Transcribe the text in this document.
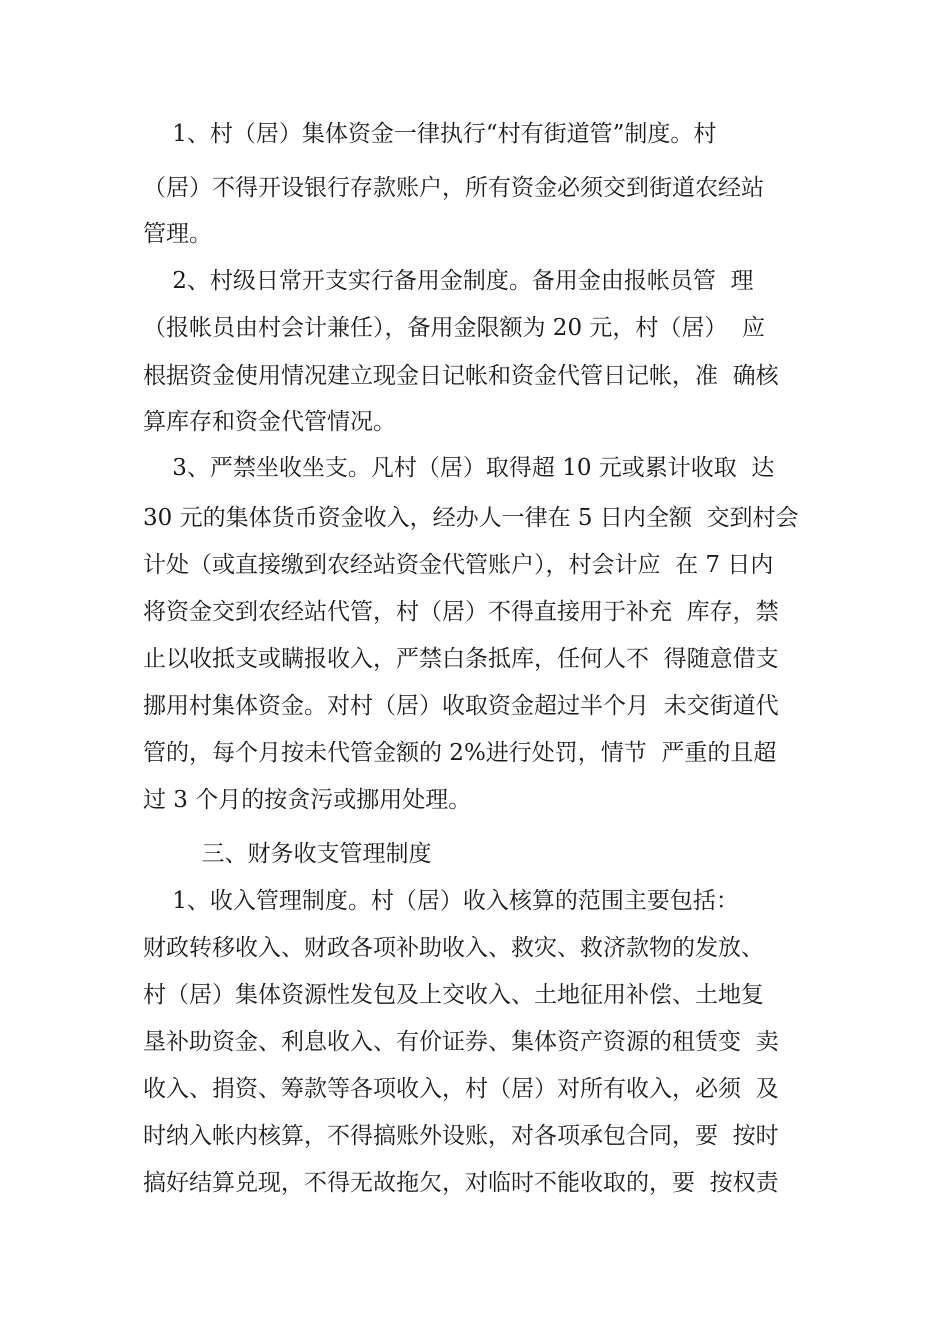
1、村（居）集体资金一律执行“村有街道管”制度。村

（居）不得开设银行存款账户，所有资金必须交到街道农经站

管理。

2、村级日常开支实行备用金制度。备用金由报帐员管  理

（报帐员由村会计兼任），备用金限额为 20 元，村（居）  应

根据资金使用情况建立现金日记帐和资金代管日记帐，准  确核

算库存和资金代管情况。

3、严禁坐收坐支。凡村（居）取得超 10 元或累计收取  达

30 元的集体货币资金收入，经办人一律在 5 日内全额  交到村会

计处（或直接缴到农经站资金代管账户），村会计应  在 7 日内

将资金交到农经站代管，村（居）不得直接用于补充  库存，禁

止以收抵支或瞒报收入，严禁白条抵库，任何人不  得随意借支

挪用村集体资金。对村（居）收取资金超过半个月  未交街道代

管的，每个月按未代管金额的 2%进行处罚，情节  严重的且超

过 3 个月的按贪污或挪用处理。

三、财务收支管理制度

1、收入管理制度。村（居）收入核算的范围主要包括：

财政转移收入、财政各项补助收入、救灾、救济款物的发放、

村（居）集体资源性发包及上交收入、土地征用补偿、土地复

垦补助资金、利息收入、有价证券、集体资产资源的租赁变  卖

收入、捐资、筹款等各项收入，村（居）对所有收入，必须  及

时纳入帐内核算，不得搞账外设账，对各项承包合同，要  按时

搞好结算兑现，不得无故拖欠，对临时不能收取的，要  按权责
